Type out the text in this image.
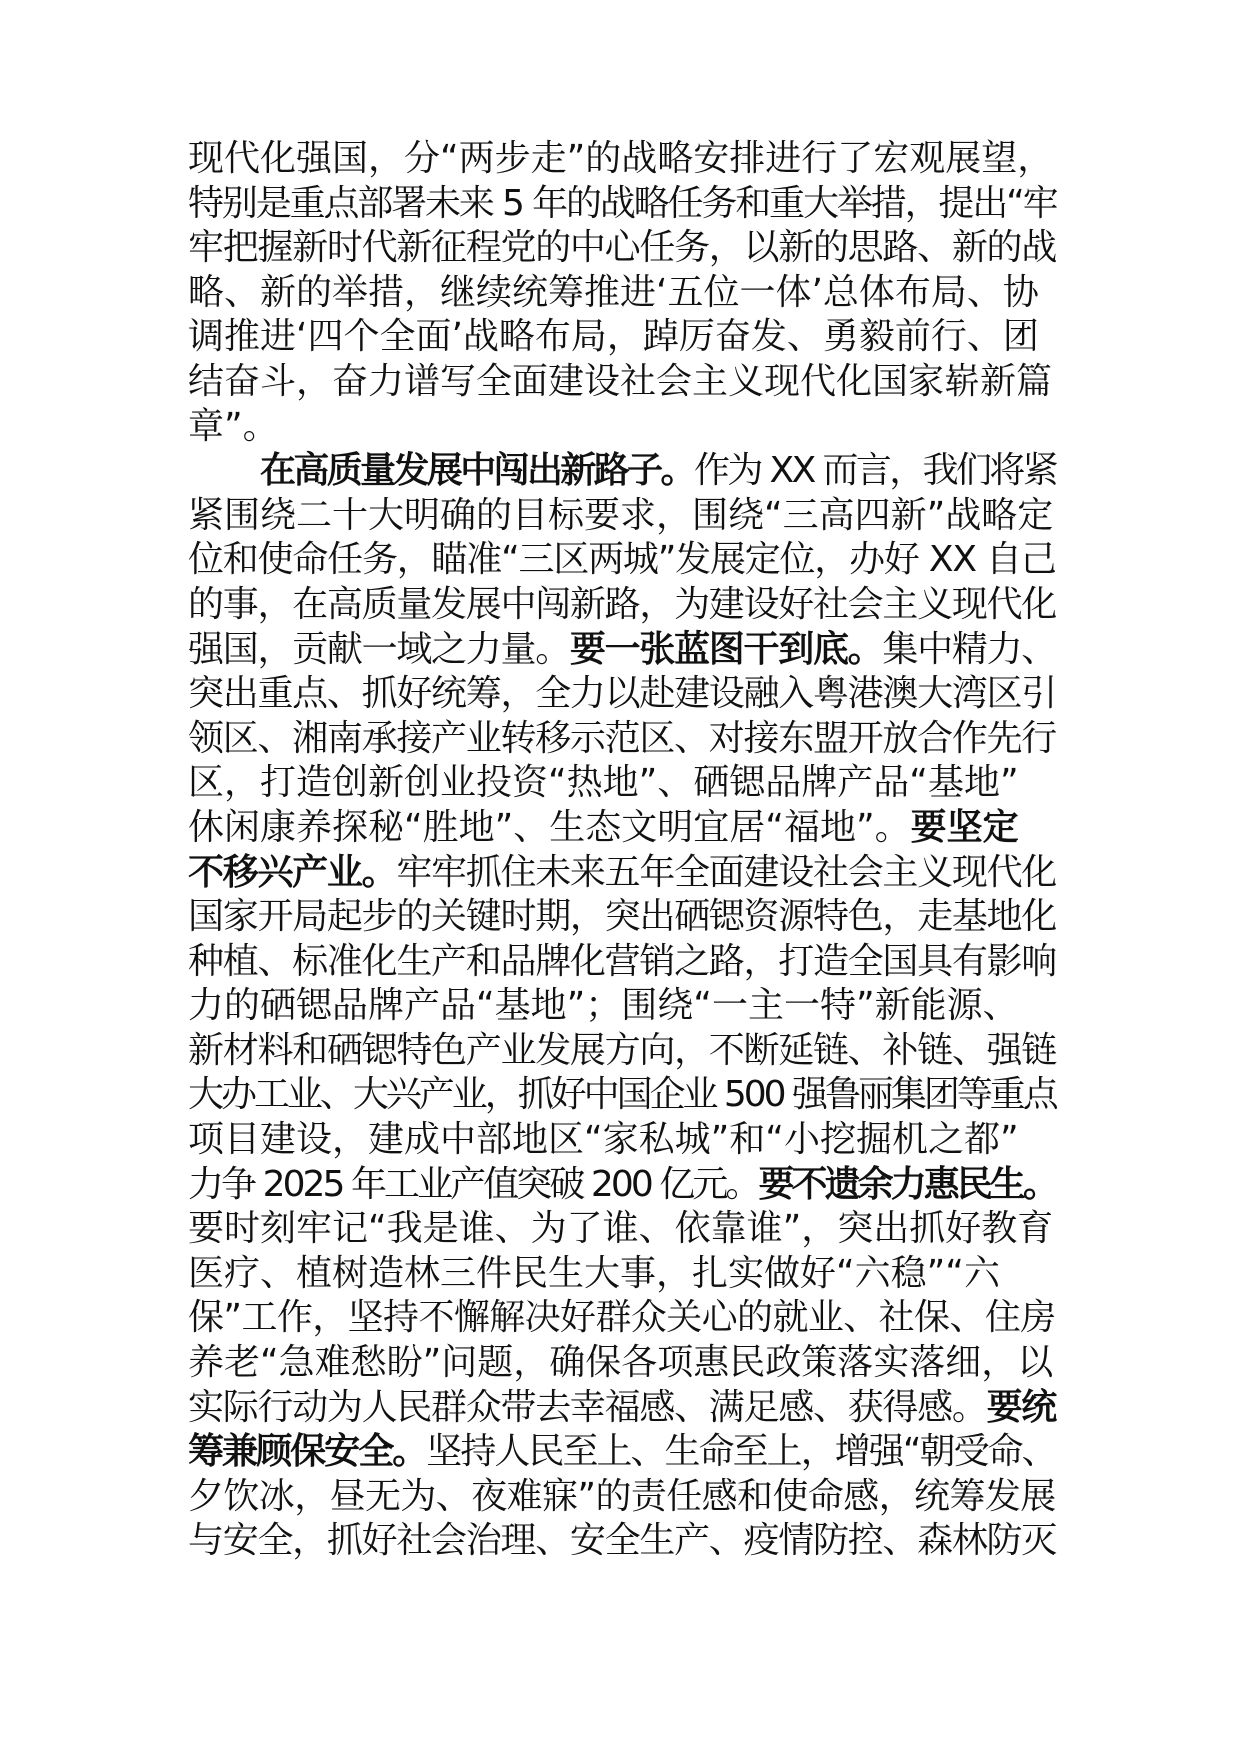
现代化强国，分“两步走”的战略安排进行了宏观展望，
特别是重点部署未来 5 年的战略任务和重大举措，提出“牢
牢把握新时代新征程党的中心任务，以新的思路、新的战
略、新的举措，继续统筹推进‘五位一体’总体布局、协
调推进‘四个全面’战略布局，踔厉奋发、勇毅前行、团
结奋斗，奋力谱写全面建设社会主义现代化国家崭新篇
章”。
在高质量发展中闯出新路子。作为 XX 而言，我们将紧
紧围绕二十大明确的目标要求，围绕“三高四新”战略定
位和使命任务，瞄准“三区两城”发展定位，办好 XX 自己
的事，在高质量发展中闯新路，为建设好社会主义现代化
强国，贡献一域之力量。要一张蓝图干到底。集中精力、
突出重点、抓好统筹，全力以赴建设融入粤港澳大湾区引
领区、湘南承接产业转移示范区、对接东盟开放合作先行
区，打造创新创业投资“热地”、硒锶品牌产品“基地”
休闲康养探秘“胜地”、生态文明宜居“福地”。要坚定
不移兴产业。牢牢抓住未来五年全面建设社会主义现代化
国家开局起步的关键时期，突出硒锶资源特色，走基地化
种植、标准化生产和品牌化营销之路，打造全国具有影响
力的硒锶品牌产品“基地”；围绕“一主一特”新能源、
新材料和硒锶特色产业发展方向，不断延链、补链、强链
大办工业、大兴产业，抓好中国企业 500 强鲁丽集团等重点
项目建设，建成中部地区“家私城”和“小挖掘机之都”
力争 2025 年工业产值突破 200 亿元。要不遗余力惠民生。
要时刻牢记“我是谁、为了谁、依靠谁”，突出抓好教育
医疗、植树造林三件民生大事，扎实做好“六稳”“六
保”工作，坚持不懈解决好群众关心的就业、社保、住房
养老“急难愁盼”问题，确保各项惠民政策落实落细，以
实际行动为人民群众带去幸福感、满足感、获得感。要统
筹兼顾保安全。坚持人民至上、生命至上，增强“朝受命、
夕饮冰，昼无为、夜难寐”的责任感和使命感，统筹发展
与安全，抓好社会治理、安全生产、疫情防控、森林防灭
